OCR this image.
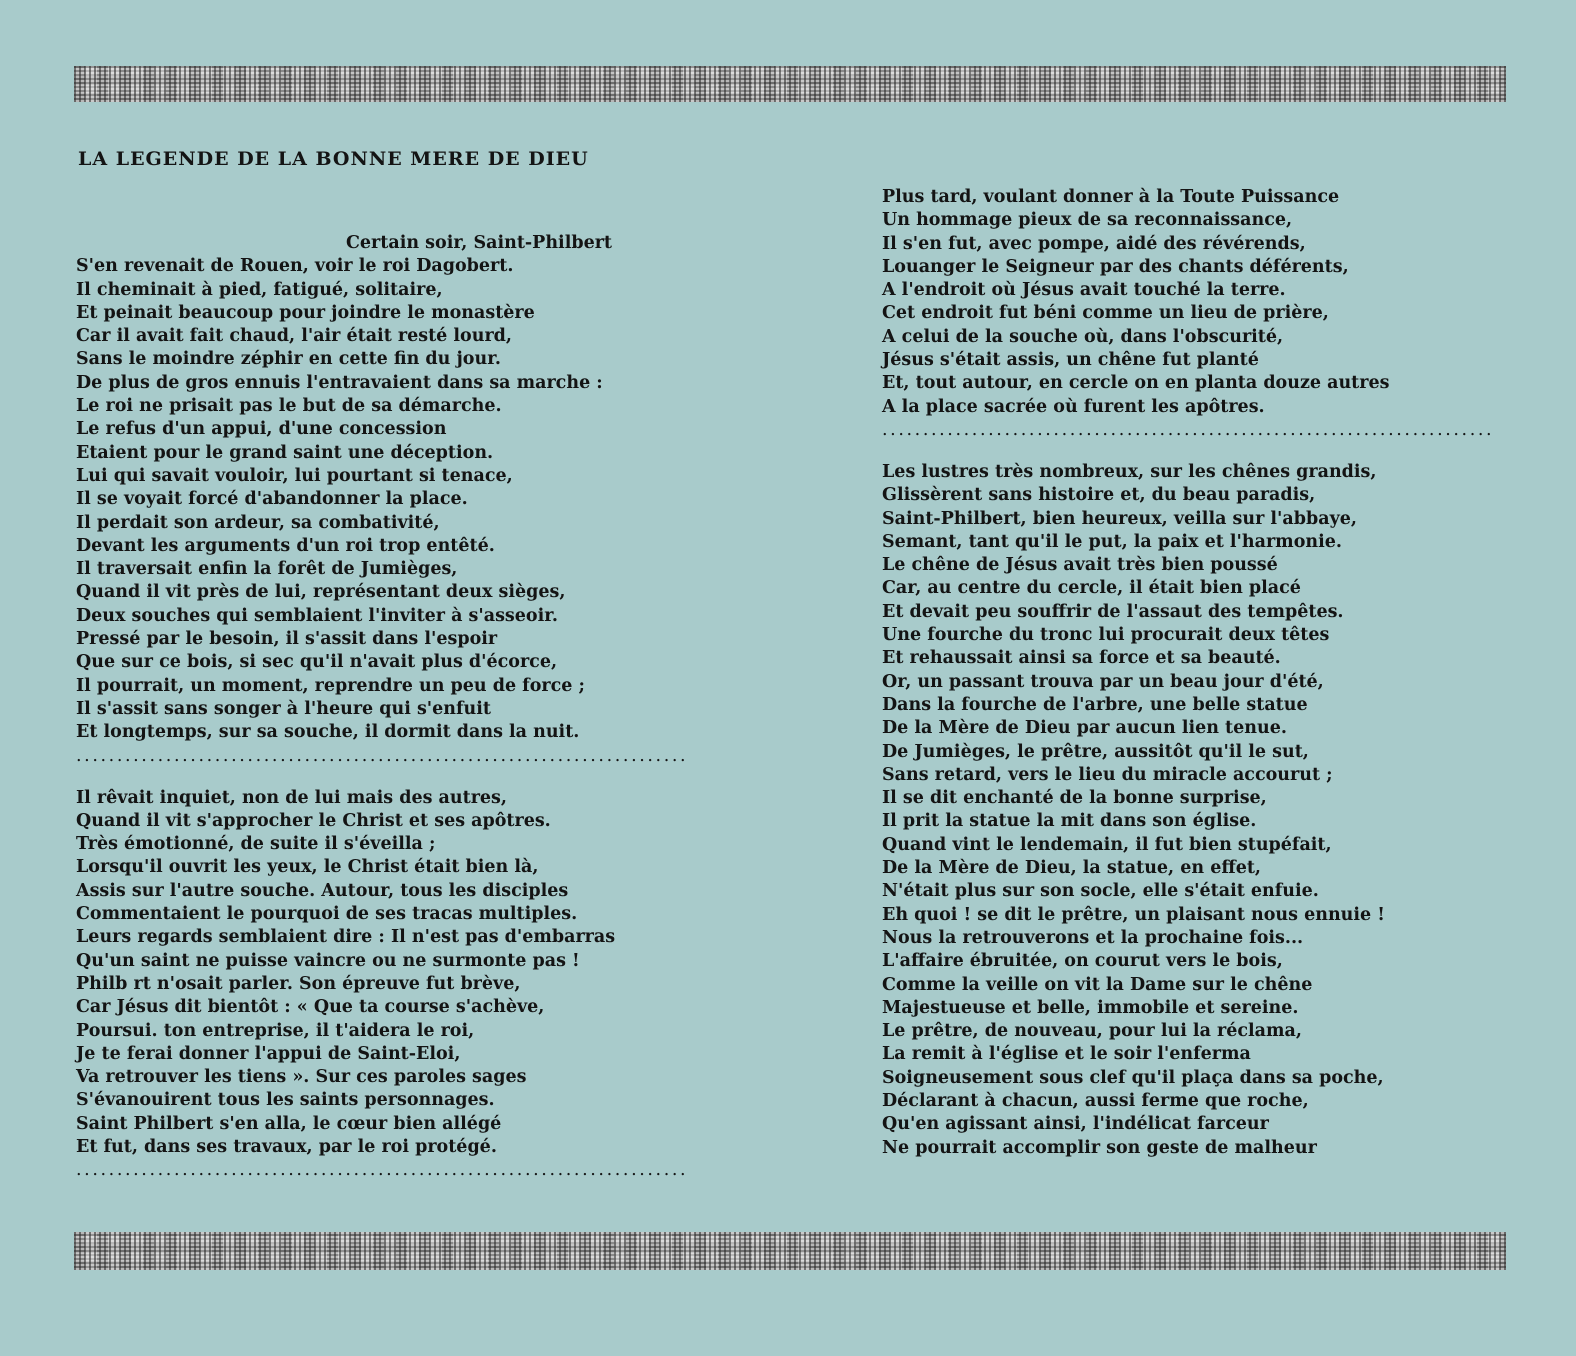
LA LEGENDE DE LA BONNE MERE DE DIEU
Certain soir, Saint-Philbert
S'en revenait de Rouen, voir le roi Dagobert.
Il cheminait à pied, fatigué, solitaire,
Et peinait beaucoup pour joindre le monastère
Car il avait fait chaud, l'air était resté lourd,
Sans le moindre zéphir en cette fin du jour.
De plus de gros ennuis l'entravaient dans sa marche :
Le roi ne prisait pas le but de sa démarche.
Le refus d'un appui, d'une concession
Etaient pour le grand saint une déception.
Lui qui savait vouloir, lui pourtant si tenace,
Il se voyait forcé d'abandonner la place.
Il perdait son ardeur, sa combativité,
Devant les arguments d'un roi trop entêté.
Il traversait enfin la forêt de Jumièges,
Quand il vit près de lui, représentant deux sièges,
Deux souches qui semblaient l'inviter à s'asseoir.
Pressé par le besoin, il s'assit dans l'espoir
Que sur ce bois, si sec qu'il n'avait plus d'écorce,
Il pourrait, un moment, reprendre un peu de force ;
Il s'assit sans songer à l'heure qui s'enfuit
Et longtemps, sur sa souche, il dormit dans la nuit.
...........................................................................
Il rêvait inquiet, non de lui mais des autres,
Quand il vit s'approcher le Christ et ses apôtres.
Très émotionné, de suite il s'éveilla ;
Lorsqu'il ouvrit les yeux, le Christ était bien là,
Assis sur l'autre souche. Autour, tous les disciples
Commentaient le pourquoi de ses tracas multiples.
Leurs regards semblaient dire : Il n'est pas d'embarras
Qu'un saint ne puisse vaincre ou ne surmonte pas !
Philb rt n'osait parler. Son épreuve fut brève,
Car Jésus dit bientôt : « Que ta course s'achève,
Poursui. ton entreprise, il t'aidera le roi,
Je te ferai donner l'appui de Saint-Eloi,
Va retrouver les tiens ». Sur ces paroles sages
S'évanouirent tous les saints personnages.
Saint Philbert s'en alla, le cœur bien allégé
Et fut, dans ses travaux, par le roi protégé.
...........................................................................
Plus tard, voulant donner à la Toute Puissance
Un hommage pieux de sa reconnaissance,
Il s'en fut, avec pompe, aidé des révérends,
Louanger le Seigneur par des chants déférents,
A l'endroit où Jésus avait touché la terre.
Cet endroit fut béni comme un lieu de prière,
A celui de la souche où, dans l'obscurité,
Jésus s'était assis, un chêne fut planté
Et, tout autour, en cercle on en planta douze autres
A la place sacrée où furent les apôtres.
...........................................................................
Les lustres très nombreux, sur les chênes grandis,
Glissèrent sans histoire et, du beau paradis,
Saint-Philbert, bien heureux, veilla sur l'abbaye,
Semant, tant qu'il le put, la paix et l'harmonie.
Le chêne de Jésus avait très bien poussé
Car, au centre du cercle, il était bien placé
Et devait peu souffrir de l'assaut des tempêtes.
Une fourche du tronc lui procurait deux têtes
Et rehaussait ainsi sa force et sa beauté.
Or, un passant trouva par un beau jour d'été,
Dans la fourche de l'arbre, une belle statue
De la Mère de Dieu par aucun lien tenue.
De Jumièges, le prêtre, aussitôt qu'il le sut,
Sans retard, vers le lieu du miracle accourut ;
Il se dit enchanté de la bonne surprise,
Il prit la statue la mit dans son église.
Quand vint le lendemain, il fut bien stupéfait,
De la Mère de Dieu, la statue, en effet,
N'était plus sur son socle, elle s'était enfuie.
Eh quoi ! se dit le prêtre, un plaisant nous ennuie !
Nous la retrouverons et la prochaine fois...
L'affaire ébruitée, on courut vers le bois,
Comme la veille on vit la Dame sur le chêne
Majestueuse et belle, immobile et sereine.
Le prêtre, de nouveau, pour lui la réclama,
La remit à l'église et le soir l'enferma
Soigneusement sous clef qu'il plaça dans sa poche,
Déclarant à chacun, aussi ferme que roche,
Qu'en agissant ainsi, l'indélicat farceur
Ne pourrait accomplir son geste de malheur
